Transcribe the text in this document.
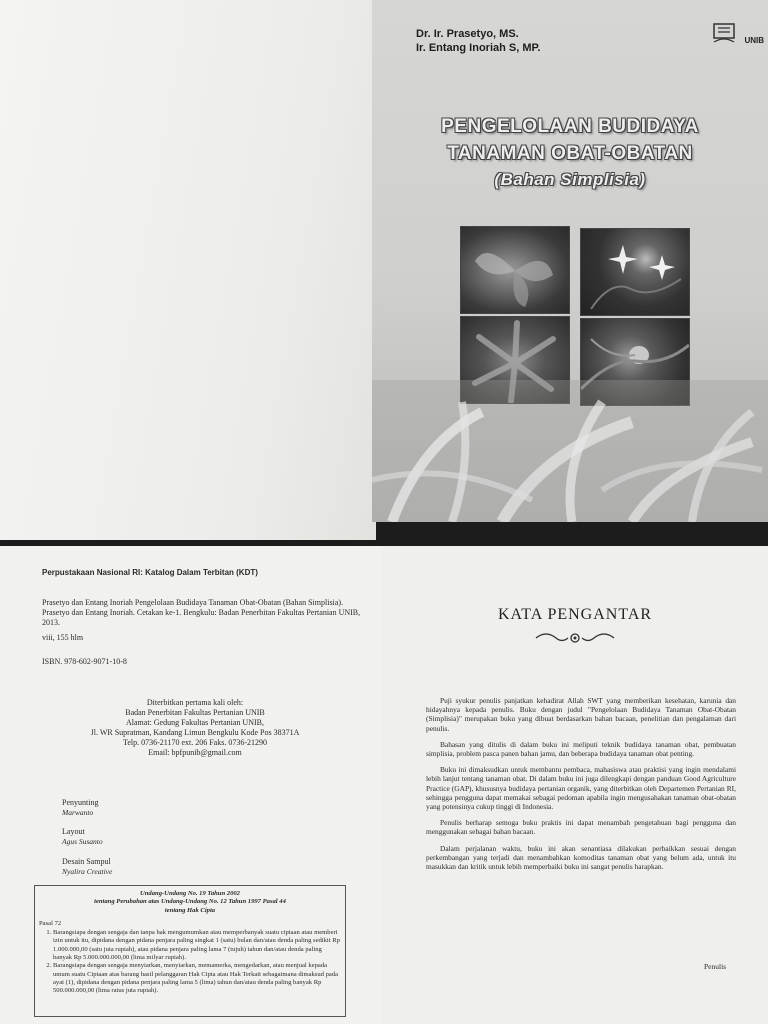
Dr. Ir. Prasetyo, MS.
Ir. Entang Inoriah S, MP.
UNIB
PENGELOLAAN BUDIDAYA
TANAMAN OBAT-OBATAN
(Bahan Simplisia)
Perpustakaan Nasional RI: Katalog Dalam Terbitan (KDT)
Prasetyo dan Entang Inoriah Pengelolaan Budidaya Tanaman Obat-Obatan (Bahan Simplisia). Prasetyo dan Entang Inoriah. Cetakan ke-1. Bengkulu: Badan Penerbitan Fakultas Pertanian UNIB, 2013.
viii, 155 hlm
ISBN. 978-602-9071-10-8
Diterbitkan pertama kali oleh:
Badan Penerbitan Fakultas Pertanian UNIB
Alamat: Gedung Fakultas Pertanian UNIB,
Jl. WR Supratman, Kandang Limun Bengkulu Kode Pos 38371A
Telp. 0736-21170 ext. 206 Faks. 0736-21290
Email: bpfpunib@gmail.com
Penyunting
Marwanto
Layout
Agus Susanto
Desain Sampul
Nyalira Creative
Undang-Undang No. 19 Tahun 2002
tentang Perubahan atas Undang-Undang No. 12 Tahun 1997 Pasal 44
tentang Hak Cipta
Pasal 72
1. Barangsiapa dengan sengaja dan tanpa hak mengumumkan atau memperbanyak suatu ciptaan atau memberi izin untuk itu, dipidana dengan pidana penjara paling singkat 1 (satu) bulan dan/atau denda paling sedikit Rp 1.000.000,00 (satu juta rupiah), atau pidana penjara paling lama 7 (tujuh) tahun dan/atau denda paling banyak Rp 5.000.000.000,00 (lima milyar rupiah).
2. Barangsiapa dengan sengaja menyiarkan, menyiarkan, memamerka, mengedarkan, atau menjual kepada umum suatu Ciptaan atas barang hasil pelanggaran Hak Cipta atau Hak Terkait sebagaimana dimaksud pada ayat (1), dipidana dengan pidana penjara paling lama 5 (lima) tahun dan/atau denda paling banyak Rp 500.000.000,00 (lima ratus juta rupiah).
KATA PENGANTAR

Puji syukur penulis panjatkan kehadirat Allah SWT yang memberikan kesehatan, karunia dan hidayahnya kepada penulis. Buku dengan judul "Pengelolaan Budidaya Tanaman Obat-Obatan (Simplisia)" merupakan buku yang dibuat berdasarkan bahan bacaan, penelitian dan pengalaman dari penulis.

Bahasan yang ditulis di dalam buku ini meliputi teknik budidaya tanaman obat, pembuatan simplisia, problem pasca panen bahan jamu, dan beberapa budidaya tanaman obat penting.

Buku ini dimaksudkan untuk membantu pembaca, mahasiswa atau praktisi yang ingin mendalami lebih lanjut tentang tanaman obat. Di dalam buku ini juga dilengkapi dengan panduan Good Agriculture Practice (GAP), khususnya budidaya pertanian organik, yang diterbitkan oleh Departemen Pertanian RI, sehingga pengguna dapat memakai sebagai pedoman apabila ingin mengusahakan tanaman obat-obatan yang potensinya cukup tinggi di Indonesia.

Penulis berharap semoga buku praktis ini dapat menambah pengetahuan bagi pengguna dan menggunakan sebagai bahan bacaan.

Dalam perjalanan waktu, buku ini akan senantiasa dilakukan perbaikkan sesuai dengan perkembangan yang terjadi dan menambahkan komoditas tanaman obat yang belum ada, untuk itu masukkan dan kritik untuk lebih memperbaiki buku ini sangat penulis harapkan.

Penulis
